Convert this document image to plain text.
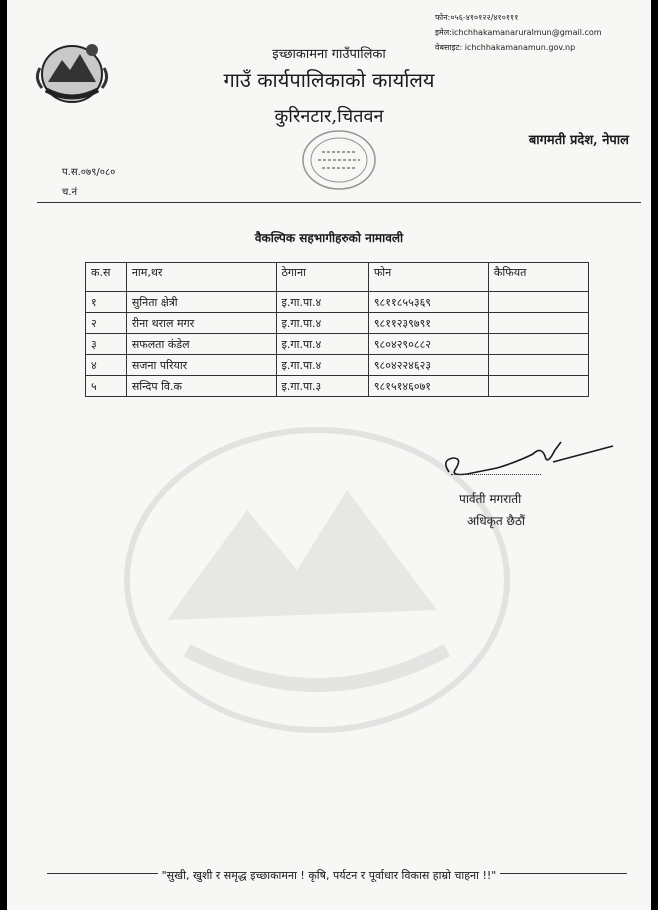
फोन:०५६-४१०१२२/४१०१११
इमेल:ichchhakamanaruralmun@gmail.com
वेबसाइट: ichchhakamanamun.gov.np
इच्छाकामना गाउँपालिका
गाउँ कार्यपालिकाको कार्यालय
कुरिनटार,चितवन
बागमती प्रदेश, नेपाल
प.स.०७९/०८०
च.नं
वैकल्पिक सहभागीहरुको नामावली
क.स	नाम,थर	ठेगाना	फोन	कैफियत
१	सुनिता क्षेत्री	इ.गा.पा.४	९८११८५५३६९	
२	रीना थराल मगर	इ.गा.पा.४	९८११२३९७९१	
३	सफलता कंडेल	इ.गा.पा.४	९८०४२९०८८२	
४	सजना परियार	इ.गा.पा.४	९८०४२२४६२३	
५	सन्दिप वि.क	इ.गा.पा.३	९८१५१४६०७१	
पार्वती मगराती
अधिकृत छैठौं
"सुखी, खुशी र समृद्ध इच्छाकामना ! कृषि, पर्यटन र पूर्वाधार विकास हाम्रो चाहना !!"
